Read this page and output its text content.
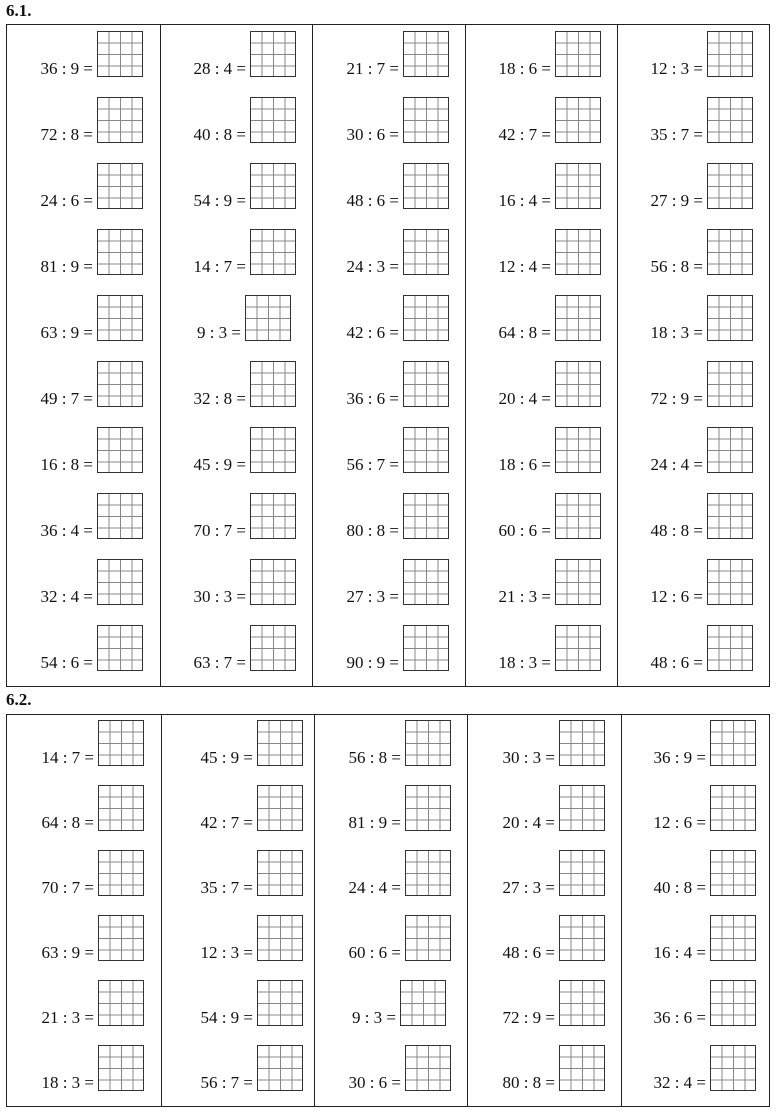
6.1.
36 : 9 =
72 : 8 =
24 : 6 =
81 : 9 =
63 : 9 =
49 : 7 =
16 : 8 =
36 : 4 =
32 : 4 =
54 : 6 =
28 : 4 =
40 : 8 =
54 : 9 =
14 : 7 =
9 : 3 =
32 : 8 =
45 : 9 =
70 : 7 =
30 : 3 =
63 : 7 =
21 : 7 =
30 : 6 =
48 : 6 =
24 : 3 =
42 : 6 =
36 : 6 =
56 : 7 =
80 : 8 =
27 : 3 =
90 : 9 =
18 : 6 =
42 : 7 =
16 : 4 =
12 : 4 =
64 : 8 =
20 : 4 =
18 : 6 =
60 : 6 =
21 : 3 =
18 : 3 =
12 : 3 =
35 : 7 =
27 : 9 =
56 : 8 =
18 : 3 =
72 : 9 =
24 : 4 =
48 : 8 =
12 : 6 =
48 : 6 =
6.2.
14 : 7 =
64 : 8 =
70 : 7 =
63 : 9 =
21 : 3 =
18 : 3 =
45 : 9 =
42 : 7 =
35 : 7 =
12 : 3 =
54 : 9 =
56 : 7 =
56 : 8 =
81 : 9 =
24 : 4 =
60 : 6 =
9 : 3 =
30 : 6 =
30 : 3 =
20 : 4 =
27 : 3 =
48 : 6 =
72 : 9 =
80 : 8 =
36 : 9 =
12 : 6 =
40 : 8 =
16 : 4 =
36 : 6 =
32 : 4 =
